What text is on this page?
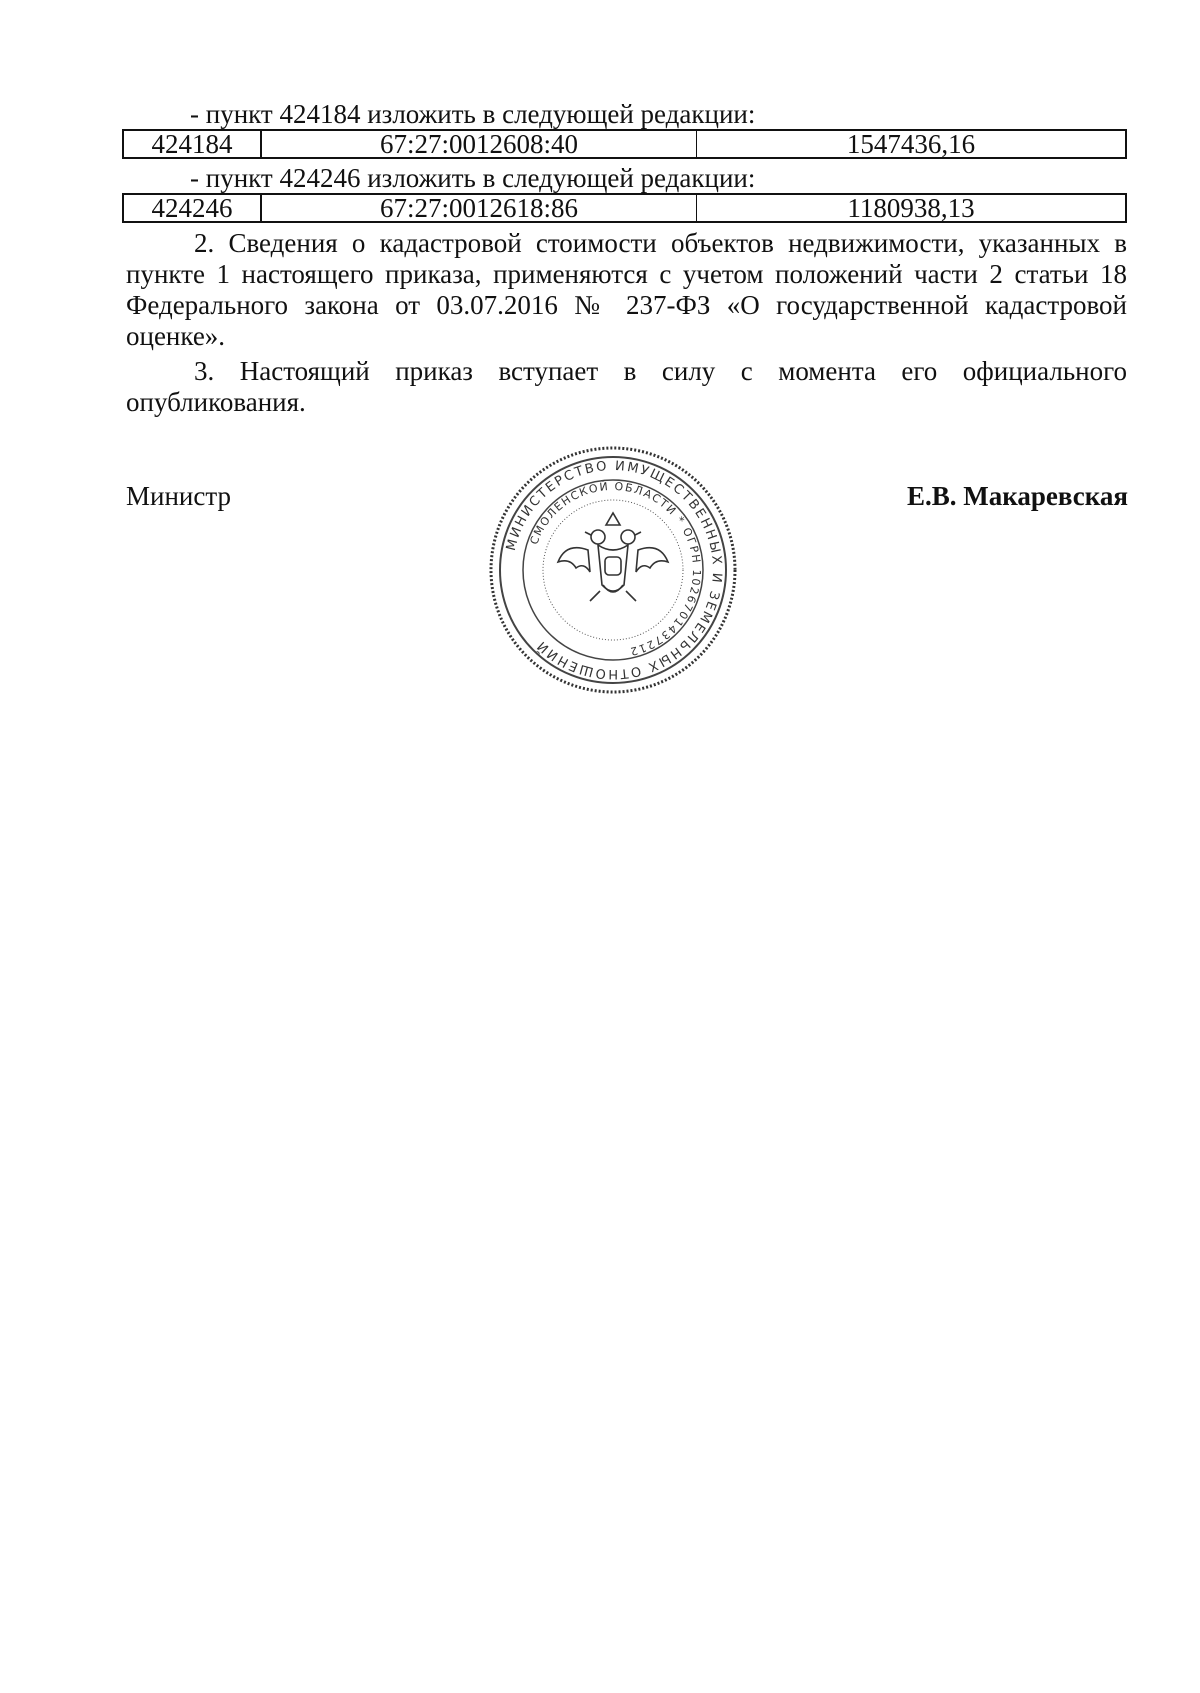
- пункт 424184 изложить в следующей редакции:
424184	67:27:0012608:40	1547436,16
- пункт 424246 изложить в следующей редакции:
424246	67:27:0012618:86	1180938,13
2. Сведения о кадастровой стоимости объектов недвижимости, указанных в пункте 1 настоящего приказа, применяются с учетом положений части 2 статьи 18 Федерального закона от 03.07.2016 № 237-ФЗ «О государственной кадастровой оценке».
3. Настоящий приказ вступает в силу с момента его официального опубликования.
Министр	Е.В. Макаревская
МИНИСТЕРСТВО ИМУЩЕСТВЕННЫХ И ЗЕМЕЛЬНЫХ ОТНОШЕНИЙ
СМОЛЕНСКОЙ ОБЛАСТИ * ОГРН 1026701437212
